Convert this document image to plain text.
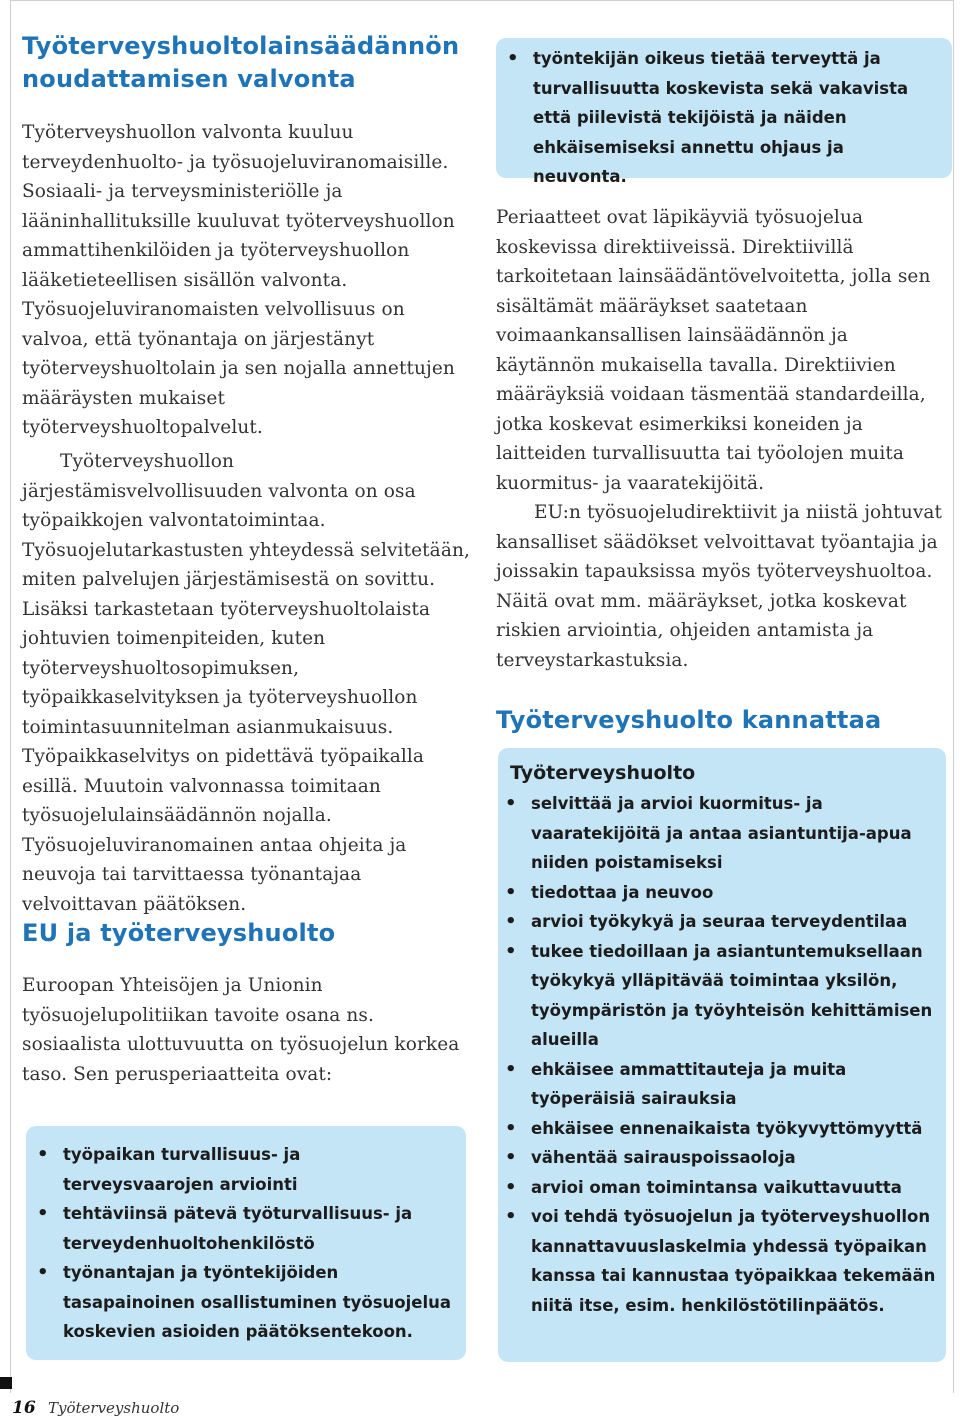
Työterveyshuoltolainsäädännön noudattamisen valvonta

Työterveyshuollon valvonta kuuluu terveydenhuolto- ja työsuojeluviranomaisille. Sosiaali- ja terveysministeriölle ja lääninhallituksille kuuluvat työterveyshuollon ammattihenkilöiden ja työterveyshuollon lääketieteellisen sisällön valvonta. Työsuojeluviranomaisten velvollisuus on valvoa, että työnantaja on järjestänyt työterveyshuoltolain ja sen nojalla annettujen määräysten mukaiset työterveyshuoltopalvelut.

Työterveyshuollon järjestämisvelvollisuuden valvonta on osa työpaikkojen valvontatoimintaa. Työsuojelutarkastusten yhteydessä selvitetään, miten palvelujen järjestämisestä on sovittu. Lisäksi tarkastetaan työterveyshuoltolaista johtuvien toimenpiteiden, kuten työterveyshuoltosopimuksen, työpaikkaselvityksen ja työterveyshuollon toimintasuunnitelman asianmukaisuus. Työpaikkaselvitys on pidettävä työpaikalla esillä. Muutoin valvonnassa toimitaan työsuojelulainsäädännön nojalla. Työsuojeluviranomainen antaa ohjeita ja neuvoja tai tarvittaessa työnantajaa velvoittavan päätöksen.

EU ja työterveyshuolto

Euroopan Yhteisöjen ja Unionin työsuojelupolitiikan tavoite osana ns. sosiaalista ulottuvuutta on työsuojelun korkea taso. Sen perusperiaatteita ovat:

• työpaikan turvallisuus- ja terveysvaarojen arviointi
• tehtäviinsä pätevä työturvallisuus- ja terveydenhuoltohenkilöstö
• työnantajan ja työntekijöiden tasapainoinen osallistuminen työsuojelua koskevien asioiden päätöksentekoon.
• työntekijän oikeus tietää terveyttä ja turvallisuutta koskevista sekä vakavista että piilevistä tekijöistä ja näiden ehkäisemiseksi annettu ohjaus ja neuvonta.

Periaatteet ovat läpikäyviä työsuojelua koskevissa direktiiveissä. Direktiivillä tarkoitetaan lainsäädäntövelvoitetta, jolla sen sisältämät määräykset saatetaan voimaankansallisen lainsäädännön ja käytännön mukaisella tavalla. Direktiivien määräyksiä voidaan täsmentää standardeilla, jotka koskevat esimerkiksi koneiden ja laitteiden turvallisuutta tai työolojen muita kuormitus- ja vaaratekijöitä.

EU:n työsuojeludirektiivit ja niistä johtuvat kansalliset säädökset velvoittavat työantajia ja joissakin tapauksissa myös työterveyshuoltoa. Näitä ovat mm. määräykset, jotka koskevat riskien arviointia, ohjeiden antamista ja terveystarkastuksia.

Työterveyshuolto kannattaa
Työterveyshuolto
• selvittää ja arvioi kuormitus- ja vaaratekijöitä ja antaa asiantuntija-apua niiden poistamiseksi
• tiedottaa ja neuvoo
• arvioi työkykyä ja seuraa terveydentilaa
• tukee tiedoillaan ja asiantuntemuksellaan työkykyä ylläpitävää toimintaa yksilön, työympäristön ja työyhteisön kehittämisen alueilla
• ehkäisee ammattitauteja ja muita työperäisiä sairauksia
• ehkäisee ennenaikaista työkyvyttömyyttä
• vähentää sairauspoissaoloja
• arvioi oman toimintansa vaikuttavuutta
• voi tehdä työsuojelun ja työterveyshuollon kannattavuuslaskelmia yhdessä työpaikan kanssa tai kannustaa työpaikkaa tekemään niitä itse, esim. henkilöstötilinpäätös.
16 Työterveyshuolto
